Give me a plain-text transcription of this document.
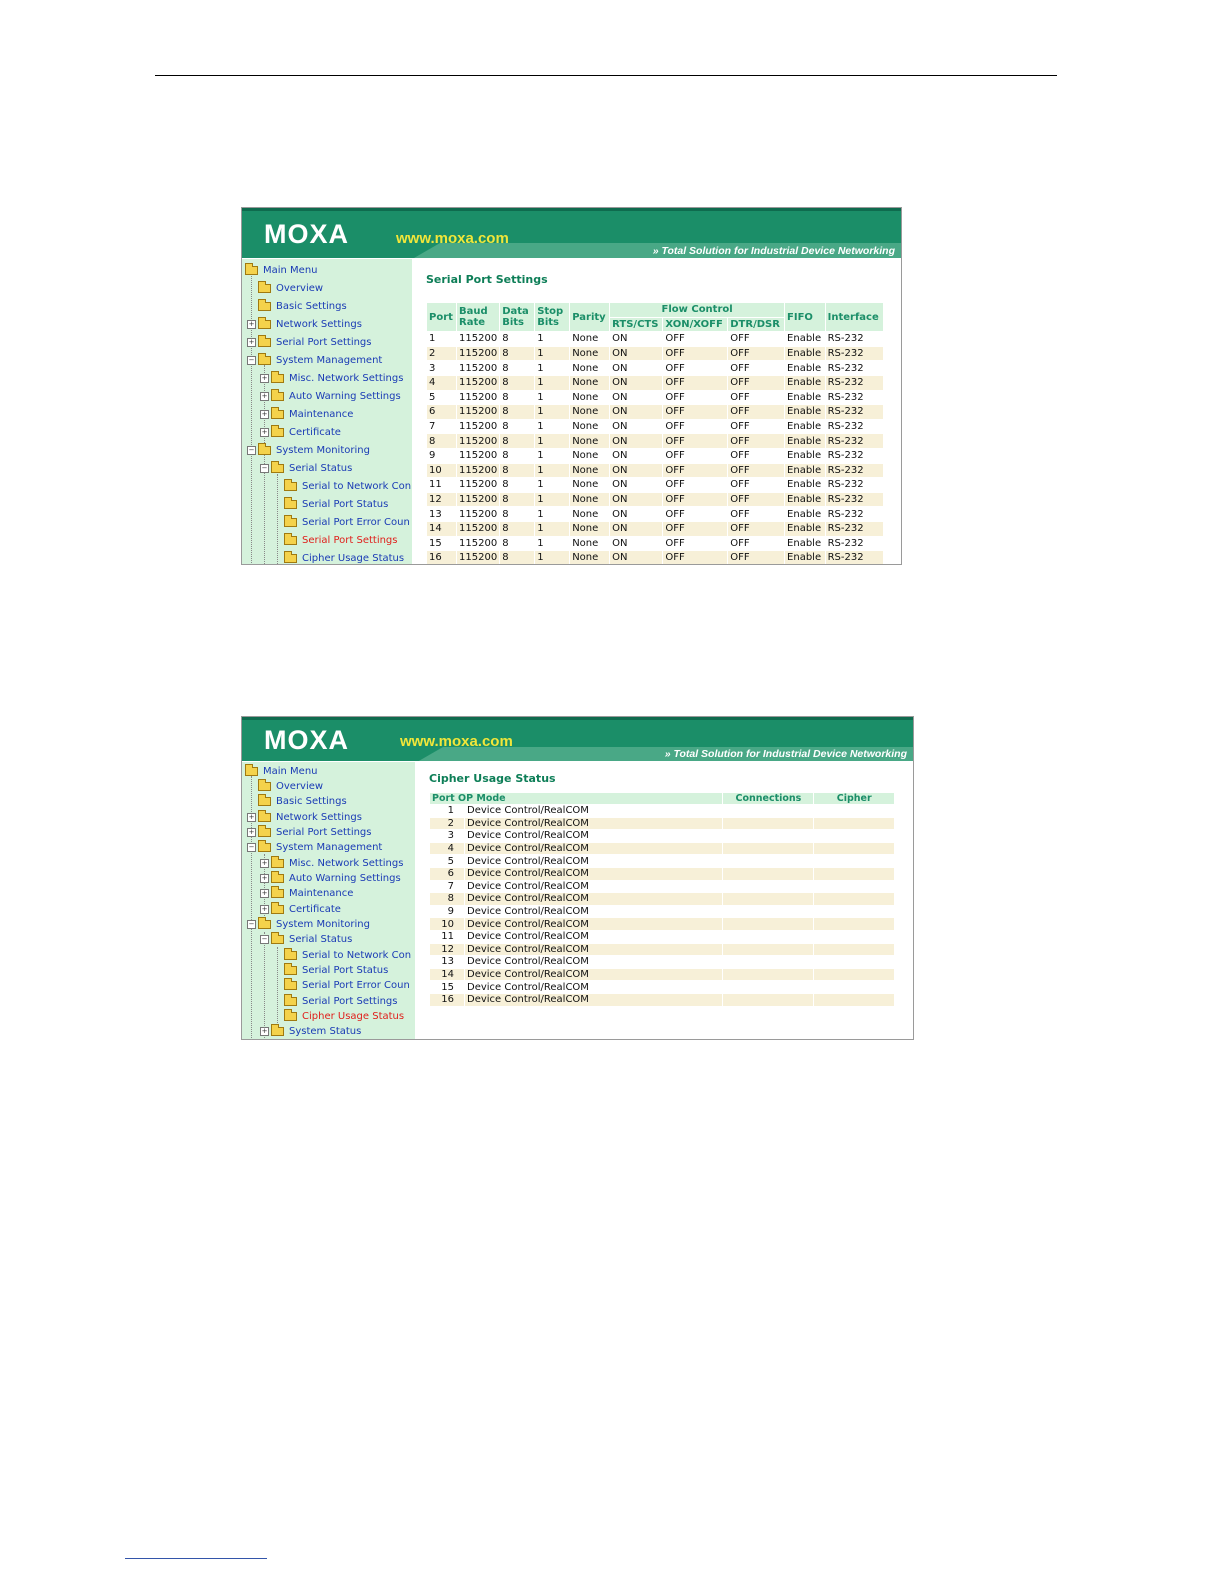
MOXA	www.moxa.com
» Total Solution for Industrial Device Networking
Main Menu
Overview
Basic Settings
+ Network Settings
+ Serial Port Settings
− System Management
+ Misc. Network Settings
+ Auto Warning Settings
+ Maintenance
+ Certificate
− System Monitoring
− Serial Status
Serial to Network Con
Serial Port Status
Serial Port Error Coun
Serial Port Settings
Cipher Usage Status
Serial Port Settings
Port	Baud Rate	Data Bits	Stop Bits	Parity	Flow Control			FIFO	Interface
					RTS/CTS	XON/XOFF	DTR/DSR		
1	115200	8	1	None	ON	OFF	OFF	Enable	RS-232
2	115200	8	1	None	ON	OFF	OFF	Enable	RS-232
3	115200	8	1	None	ON	OFF	OFF	Enable	RS-232
4	115200	8	1	None	ON	OFF	OFF	Enable	RS-232
5	115200	8	1	None	ON	OFF	OFF	Enable	RS-232
6	115200	8	1	None	ON	OFF	OFF	Enable	RS-232
7	115200	8	1	None	ON	OFF	OFF	Enable	RS-232
8	115200	8	1	None	ON	OFF	OFF	Enable	RS-232
9	115200	8	1	None	ON	OFF	OFF	Enable	RS-232
10	115200	8	1	None	ON	OFF	OFF	Enable	RS-232
11	115200	8	1	None	ON	OFF	OFF	Enable	RS-232
12	115200	8	1	None	ON	OFF	OFF	Enable	RS-232
13	115200	8	1	None	ON	OFF	OFF	Enable	RS-232
14	115200	8	1	None	ON	OFF	OFF	Enable	RS-232
15	115200	8	1	None	ON	OFF	OFF	Enable	RS-232
16	115200	8	1	None	ON	OFF	OFF	Enable	RS-232
MOXA	www.moxa.com
» Total Solution for Industrial Device Networking
Main Menu
Overview
Basic Settings
+ Network Settings
+ Serial Port Settings
− System Management
+ Misc. Network Settings
+ Auto Warning Settings
+ Maintenance
+ Certificate
− System Monitoring
− Serial Status
Serial to Network Con
Serial Port Status
Serial Port Error Coun
Serial Port Settings
Cipher Usage Status
+ System Status
Cipher Usage Status
Port OP Mode		Connections	Cipher
1	Device Control/RealCOM		
2	Device Control/RealCOM		
3	Device Control/RealCOM		
4	Device Control/RealCOM		
5	Device Control/RealCOM		
6	Device Control/RealCOM		
7	Device Control/RealCOM		
8	Device Control/RealCOM		
9	Device Control/RealCOM		
10	Device Control/RealCOM		
11	Device Control/RealCOM		
12	Device Control/RealCOM		
13	Device Control/RealCOM		
14	Device Control/RealCOM		
15	Device Control/RealCOM		
16	Device Control/RealCOM		
